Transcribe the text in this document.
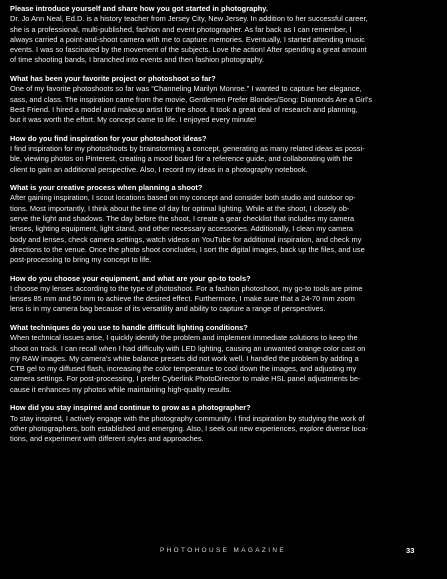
Please introduce yourself and share how you got started in photography.
Dr. Jo Ann Neal, Ed.D. is a history teacher from Jersey City, New Jersey. In addition to her successful career,
she is a professional, multi-published, fashion and event photographer. As far back as I can remember, I
always carried a point-and-shoot camera with me to capture memories. Eventually, I started attending music
events. I was so fascinated by the movement of the subjects. Love the action! After spending a great amount
of time shooting bands, I branched into events and then fashion photography.
What has been your favorite project or photoshoot so far?
One of my favorite photoshoots so far was “Channeling Marilyn Monroe.” I wanted to capture her elegance,
sass, and class. The inspiration came from the movie, Gentlemen Prefer Blondes/Song: Diamonds Are a Girl’s
Best Friend. I hired a model and makeup artist for the shoot. It took a great deal of research and planning,
but it was worth the effort. My concept came to life. I enjoyed every minute!
How do you find inspiration for your photoshoot ideas?
I find inspiration for my photoshoots by brainstorming a concept, generating as many related ideas as possi-
ble, viewing photos on Pinterest, creating a mood board for a reference guide, and collaborating with the
client to gain an additional perspective. Also, I record my ideas in a photography notebook.
What is your creative process when planning a shoot?
After gaining inspiration, I scout locations based on my concept and consider both studio and outdoor op-
tions. Most importantly, I think about the time of day for optimal lighting. While at the shoot, I closely ob-
serve the light and shadows. The day before the shoot, I create a gear checklist that includes my camera
lenses, lighting equipment, light stand, and other necessary accessories. Additionally, I clean my camera
body and lenses, check camera settings, watch videos on YouTube for additional inspiration, and check my
directions to the venue. Once the photo shoot concludes, I sort the digital images, back up the files, and use
post-processing to bring my concept to life.
How do you choose your equipment, and what are your go-to tools?
I choose my lenses according to the type of photoshoot. For a fashion photoshoot, my go-to tools are prime
lenses 85 mm and 50 mm to achieve the desired effect. Furthermore, I make sure that a 24-70 mm zoom
lens is in my camera bag because of its versatility and ability to capture a range of perspectives.
What techniques do you use to handle difficult lighting conditions?
When technical issues arise, I quickly identify the problem and implement immediate solutions to keep the
shoot on track. I can recall when I had difficulty with LED lighting, causing an unwanted orange color cast on
my RAW images. My camera’s white balance presets did not work well. I handled the problem by adding a
CTB gel to my diffused flash, increasing the color temperature to cool down the images, and adjusting my
camera settings. For post-processing, I prefer Cyberlink PhotoDirector to make HSL panel adjustments be-
cause it enhances my photos while maintaining high-quality results.
How did you stay inspired and continue to grow as a photographer?
To stay inspired, I actively engage with the photography community. I find inspiration by studying the work of
other photographers, both established and emerging. Also, I seek out new experiences, explore diverse loca-
tions, and experiment with different styles and approaches.
PHOTOHOUSE MAGAZINE	33
